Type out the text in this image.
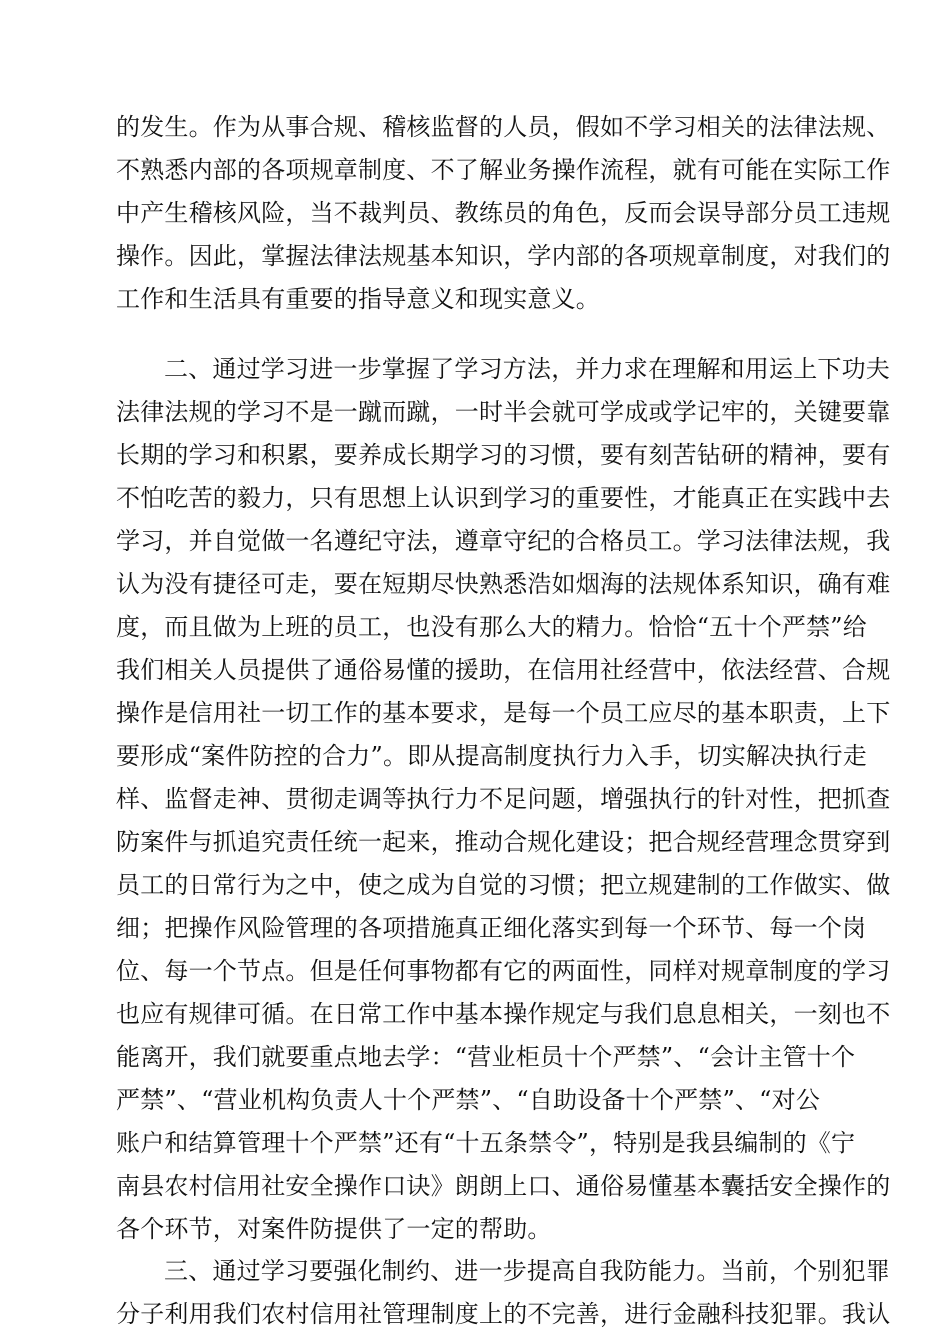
的发生。作为从事合规、稽核监督的人员，假如不学习相关的法律法规、
不熟悉内部的各项规章制度、不了解业务操作流程，就有可能在实际工作
中产生稽核风险，当不裁判员、教练员的角色，反而会误导部分员工违规
操作。因此，掌握法律法规基本知识，学内部的各项规章制度，对我们的
工作和生活具有重要的指导意义和现实意义。
二、通过学习进一步掌握了学习方法，并力求在理解和用运上下功夫
法律法规的学习不是一蹴而蹴，一时半会就可学成或学记牢的，关键要靠
长期的学习和积累，要养成长期学习的习惯，要有刻苦钻研的精神，要有
不怕吃苦的毅力，只有思想上认识到学习的重要性，才能真正在实践中去
学习，并自觉做一名遵纪守法，遵章守纪的合格员工。学习法律法规，我
认为没有捷径可走，要在短期尽快熟悉浩如烟海的法规体系知识，确有难
度，而且做为上班的员工，也没有那么大的精力。恰恰“五十个严禁”给
我们相关人员提供了通俗易懂的援助，在信用社经营中，依法经营、合规
操作是信用社一切工作的基本要求，是每一个员工应尽的基本职责，上下
要形成“案件防控的合力”。即从提高制度执行力入手，切实解决执行走
样、监督走神、贯彻走调等执行力不足问题，增强执行的针对性，把抓查
防案件与抓追究责任统一起来，推动合规化建设；把合规经营理念贯穿到
员工的日常行为之中，使之成为自觉的习惯；把立规建制的工作做实、做
细；把操作风险管理的各项措施真正细化落实到每一个环节、每一个岗
位、每一个节点。但是任何事物都有它的两面性，同样对规章制度的学习
也应有规律可循。在日常工作中基本操作规定与我们息息相关，一刻也不
能离开，我们就要重点地去学：“营业柜员十个严禁”、“会计主管十个
严禁”、“营业机构负责人十个严禁”、“自助设备十个严禁”、“对公
账户和结算管理十个严禁”还有“十五条禁令”，特别是我县编制的《宁
南县农村信用社安全操作口诀》朗朗上口、通俗易懂基本囊括安全操作的
各个环节，对案件防提供了一定的帮助。
三、通过学习要强化制约、进一步提高自我防能力。当前，个别犯罪
分子利用我们农村信用社管理制度上的不完善，进行金融科技犯罪。我认
